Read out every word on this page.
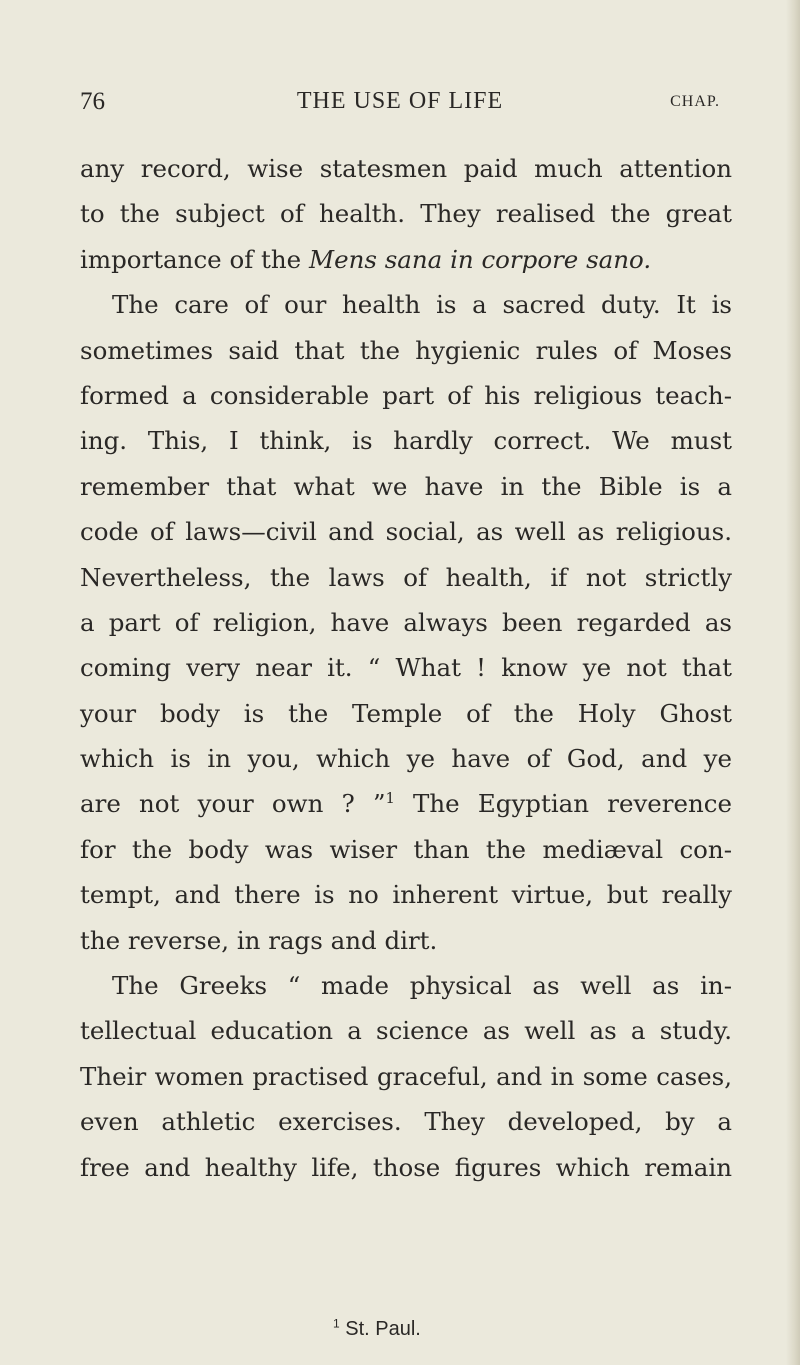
76	THE USE OF LIFE	CHAP.
any record, wise statesmen paid much attention
to the subject of health. They realised the great
importance of the Mens sana in corpore sano.
The care of our health is a sacred duty. It is
sometimes said that the hygienic rules of Moses
formed a considerable part of his religious teach-
ing. This, I think, is hardly correct. We must
remember that what we have in the Bible is a
code of laws—civil and social, as well as religious.
Nevertheless, the laws of health, if not strictly
a part of religion, have always been regarded as
coming very near it. “ What ! know ye not that
your body is the Temple of the Holy Ghost
which is in you, which ye have of God, and ye
are not your own ? ”$^1$ The Egyptian reverence
for the body was wiser than the mediæval con-
tempt, and there is no inherent virtue, but really
the reverse, in rags and dirt.
The Greeks “ made physical as well as in-
tellectual education a science as well as a study.
Their women practised graceful, and in some cases,
even athletic exercises. They developed, by a
free and healthy life, those figures which remain
$^1$ St. Paul.
